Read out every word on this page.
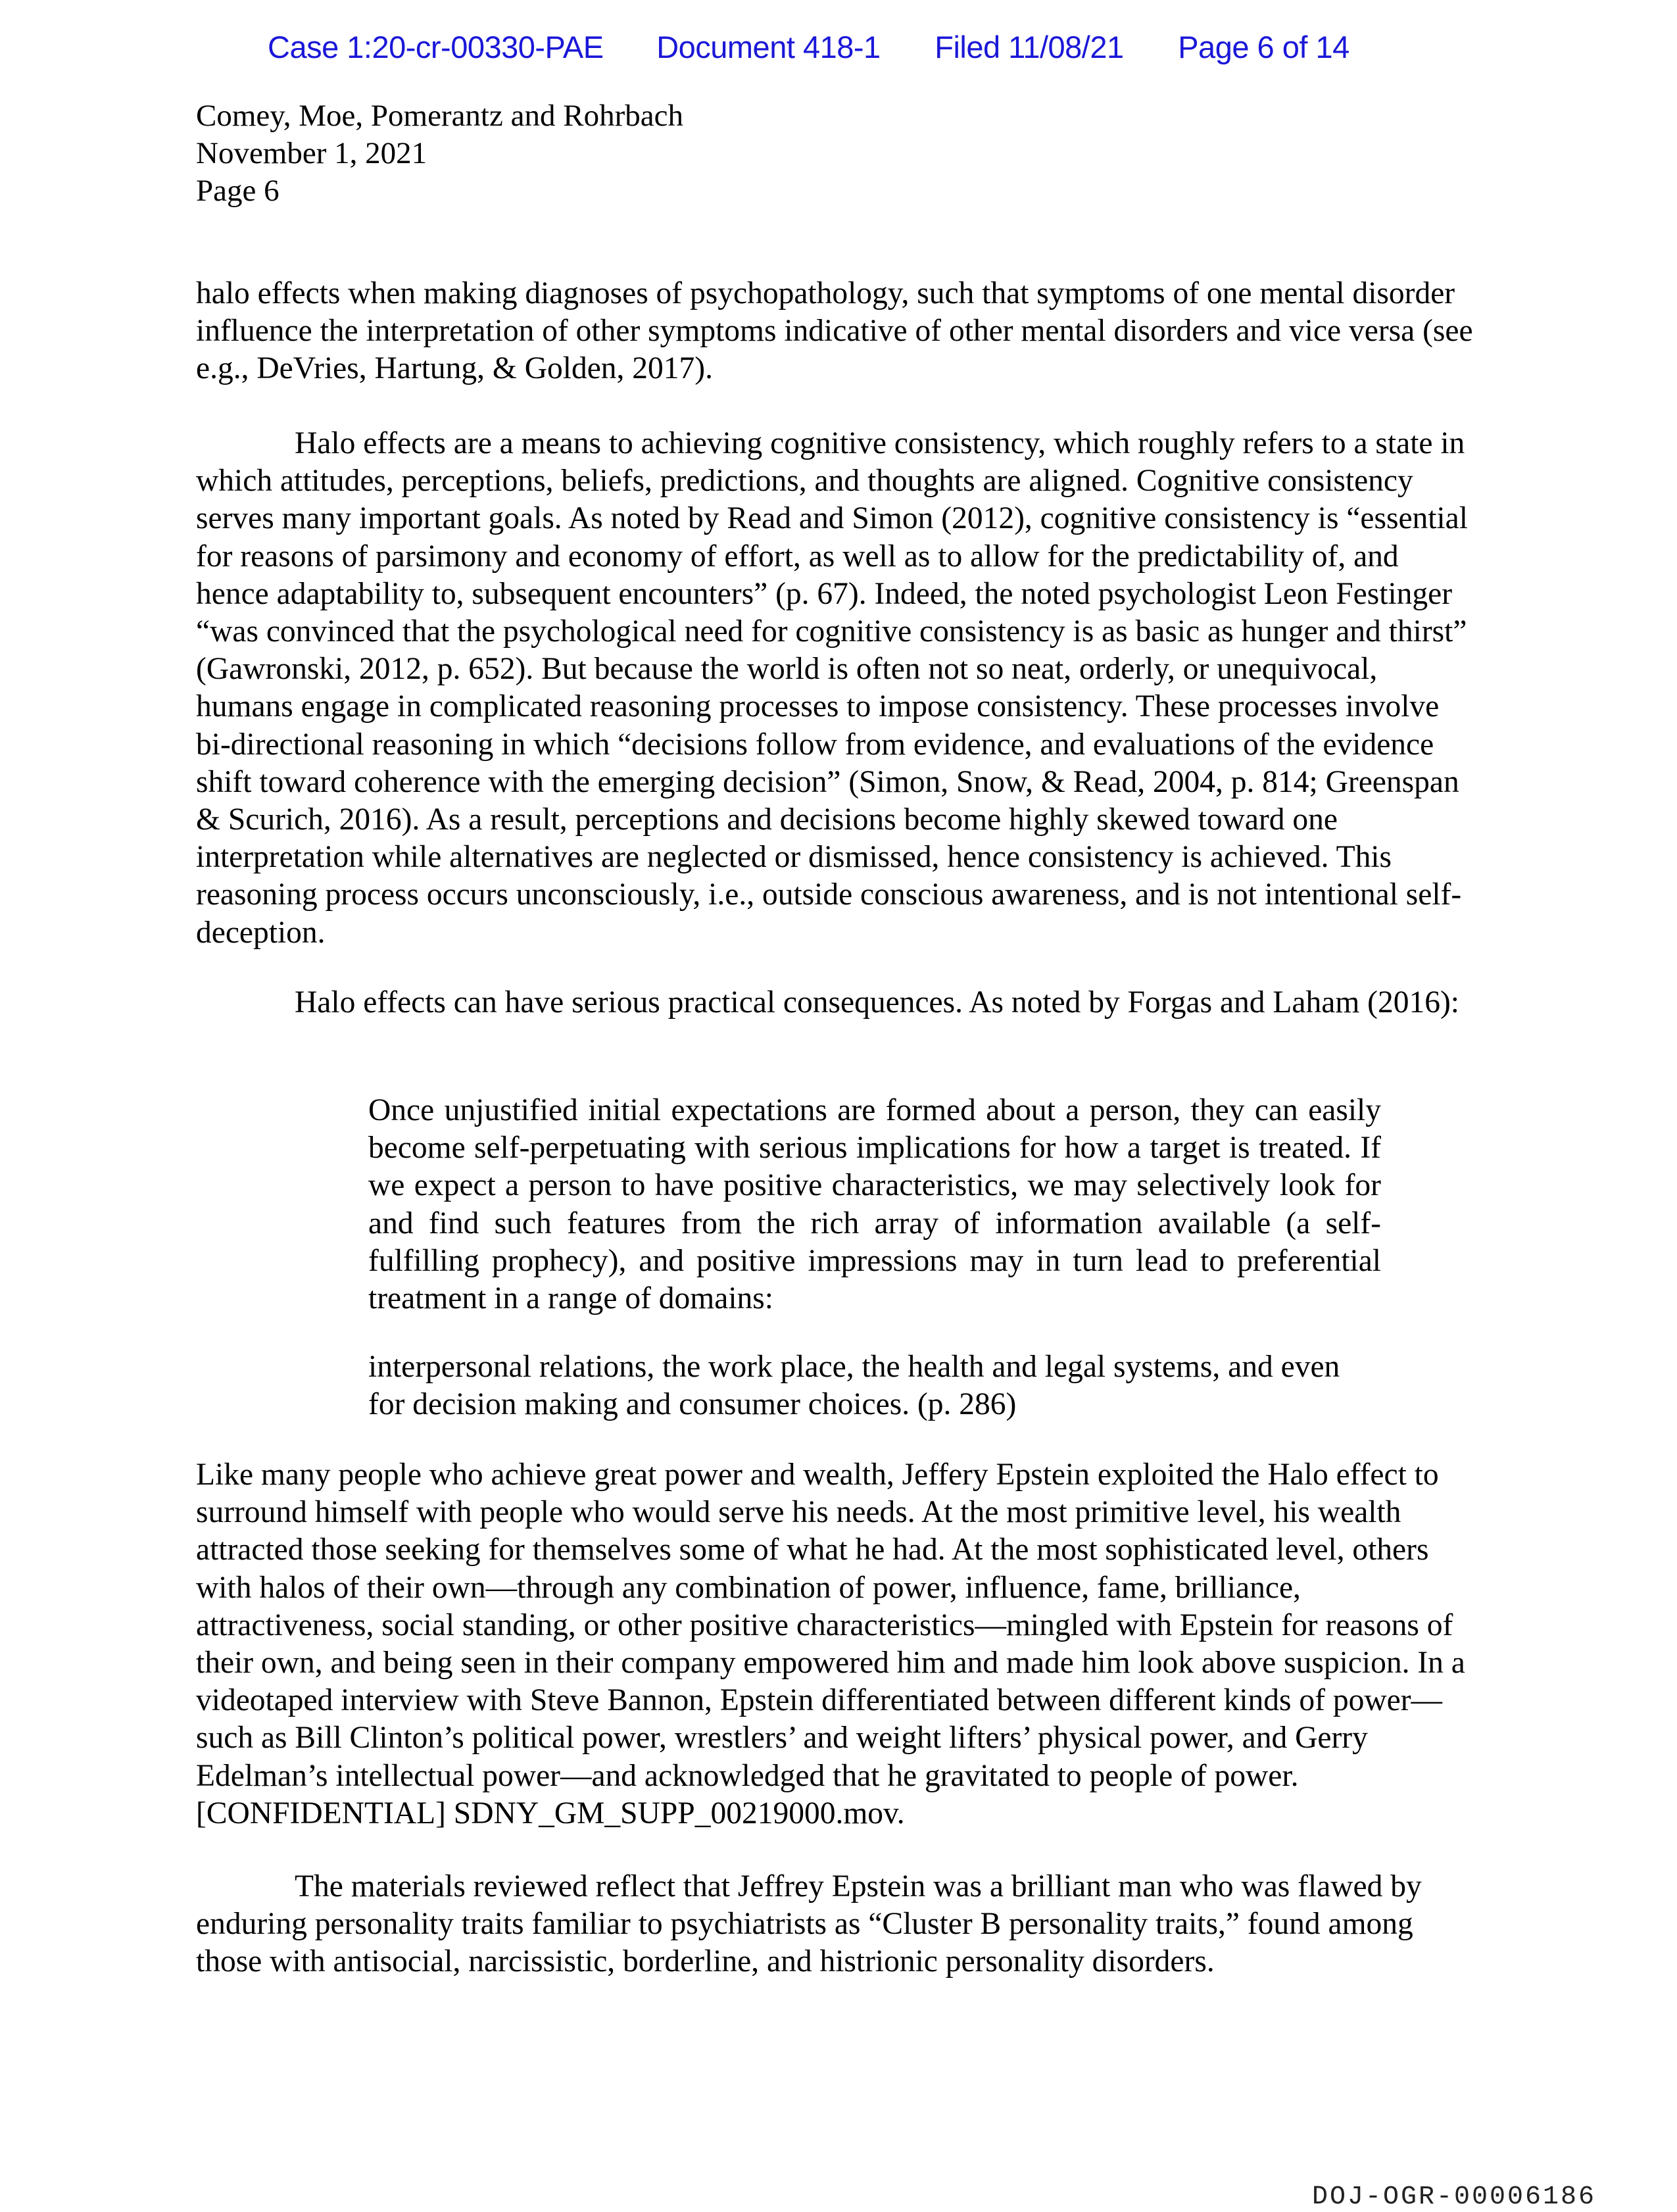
Case 1:20-cr-00330-PAE Document 418-1 Filed 11/08/21 Page 6 of 14
Comey, Moe, Pomerantz and Rohrbach
November 1, 2021
Page 6

halo effects when making diagnoses of psychopathology, such that symptoms of one mental disorder influence the interpretation of other symptoms indicative of other mental disorders and vice versa (see e.g., DeVries, Hartung, & Golden, 2017).

Halo effects are a means to achieving cognitive consistency, which roughly refers to a state in which attitudes, perceptions, beliefs, predictions, and thoughts are aligned. Cognitive consistency serves many important goals. As noted by Read and Simon (2012), cognitive consistency is “essential for reasons of parsimony and economy of effort, as well as to allow for the predictability of, and hence adaptability to, subsequent encounters” (p. 67). Indeed, the noted psychologist Leon Festinger “was convinced that the psychological need for cognitive consistency is as basic as hunger and thirst” (Gawronski, 2012, p. 652). But because the world is often not so neat, orderly, or unequivocal, humans engage in complicated reasoning processes to impose consistency. These processes involve bi-directional reasoning in which “decisions follow from evidence, and evaluations of the evidence shift toward coherence with the emerging decision” (Simon, Snow, & Read, 2004, p. 814; Greenspan & Scurich, 2016). As a result, perceptions and decisions become highly skewed toward one interpretation while alternatives are neglected or dismissed, hence consistency is achieved. This reasoning process occurs unconsciously, i.e., outside conscious awareness, and is not intentional self-deception.

Halo effects can have serious practical consequences. As noted by Forgas and Laham (2016):

Once unjustified initial expectations are formed about a person, they can easily become self-perpetuating with serious implications for how a target is treated. If we expect a person to have positive characteristics, we may selectively look for and find such features from the rich array of information available (a self-fulfilling prophecy), and positive impressions may in turn lead to preferential treatment in a range of domains:

interpersonal relations, the work place, the health and legal systems, and even for decision making and consumer choices. (p. 286)

Like many people who achieve great power and wealth, Jeffery Epstein exploited the Halo effect to surround himself with people who would serve his needs. At the most primitive level, his wealth attracted those seeking for themselves some of what he had. At the most sophisticated level, others with halos of their own—through any combination of power, influence, fame, brilliance, attractiveness, social standing, or other positive characteristics—mingled with Epstein for reasons of their own, and being seen in their company empowered him and made him look above suspicion. In a videotaped interview with Steve Bannon, Epstein differentiated between different kinds of power—such as Bill Clinton’s political power, wrestlers’ and weight lifters’ physical power, and Gerry Edelman’s intellectual power—and acknowledged that he gravitated to people of power. [CONFIDENTIAL] SDNY_GM_SUPP_00219000.mov.

The materials reviewed reflect that Jeffrey Epstein was a brilliant man who was flawed by enduring personality traits familiar to psychiatrists as “Cluster B personality traits,” found among those with antisocial, narcissistic, borderline, and histrionic personality disorders.

DOJ-OGR-00006186
